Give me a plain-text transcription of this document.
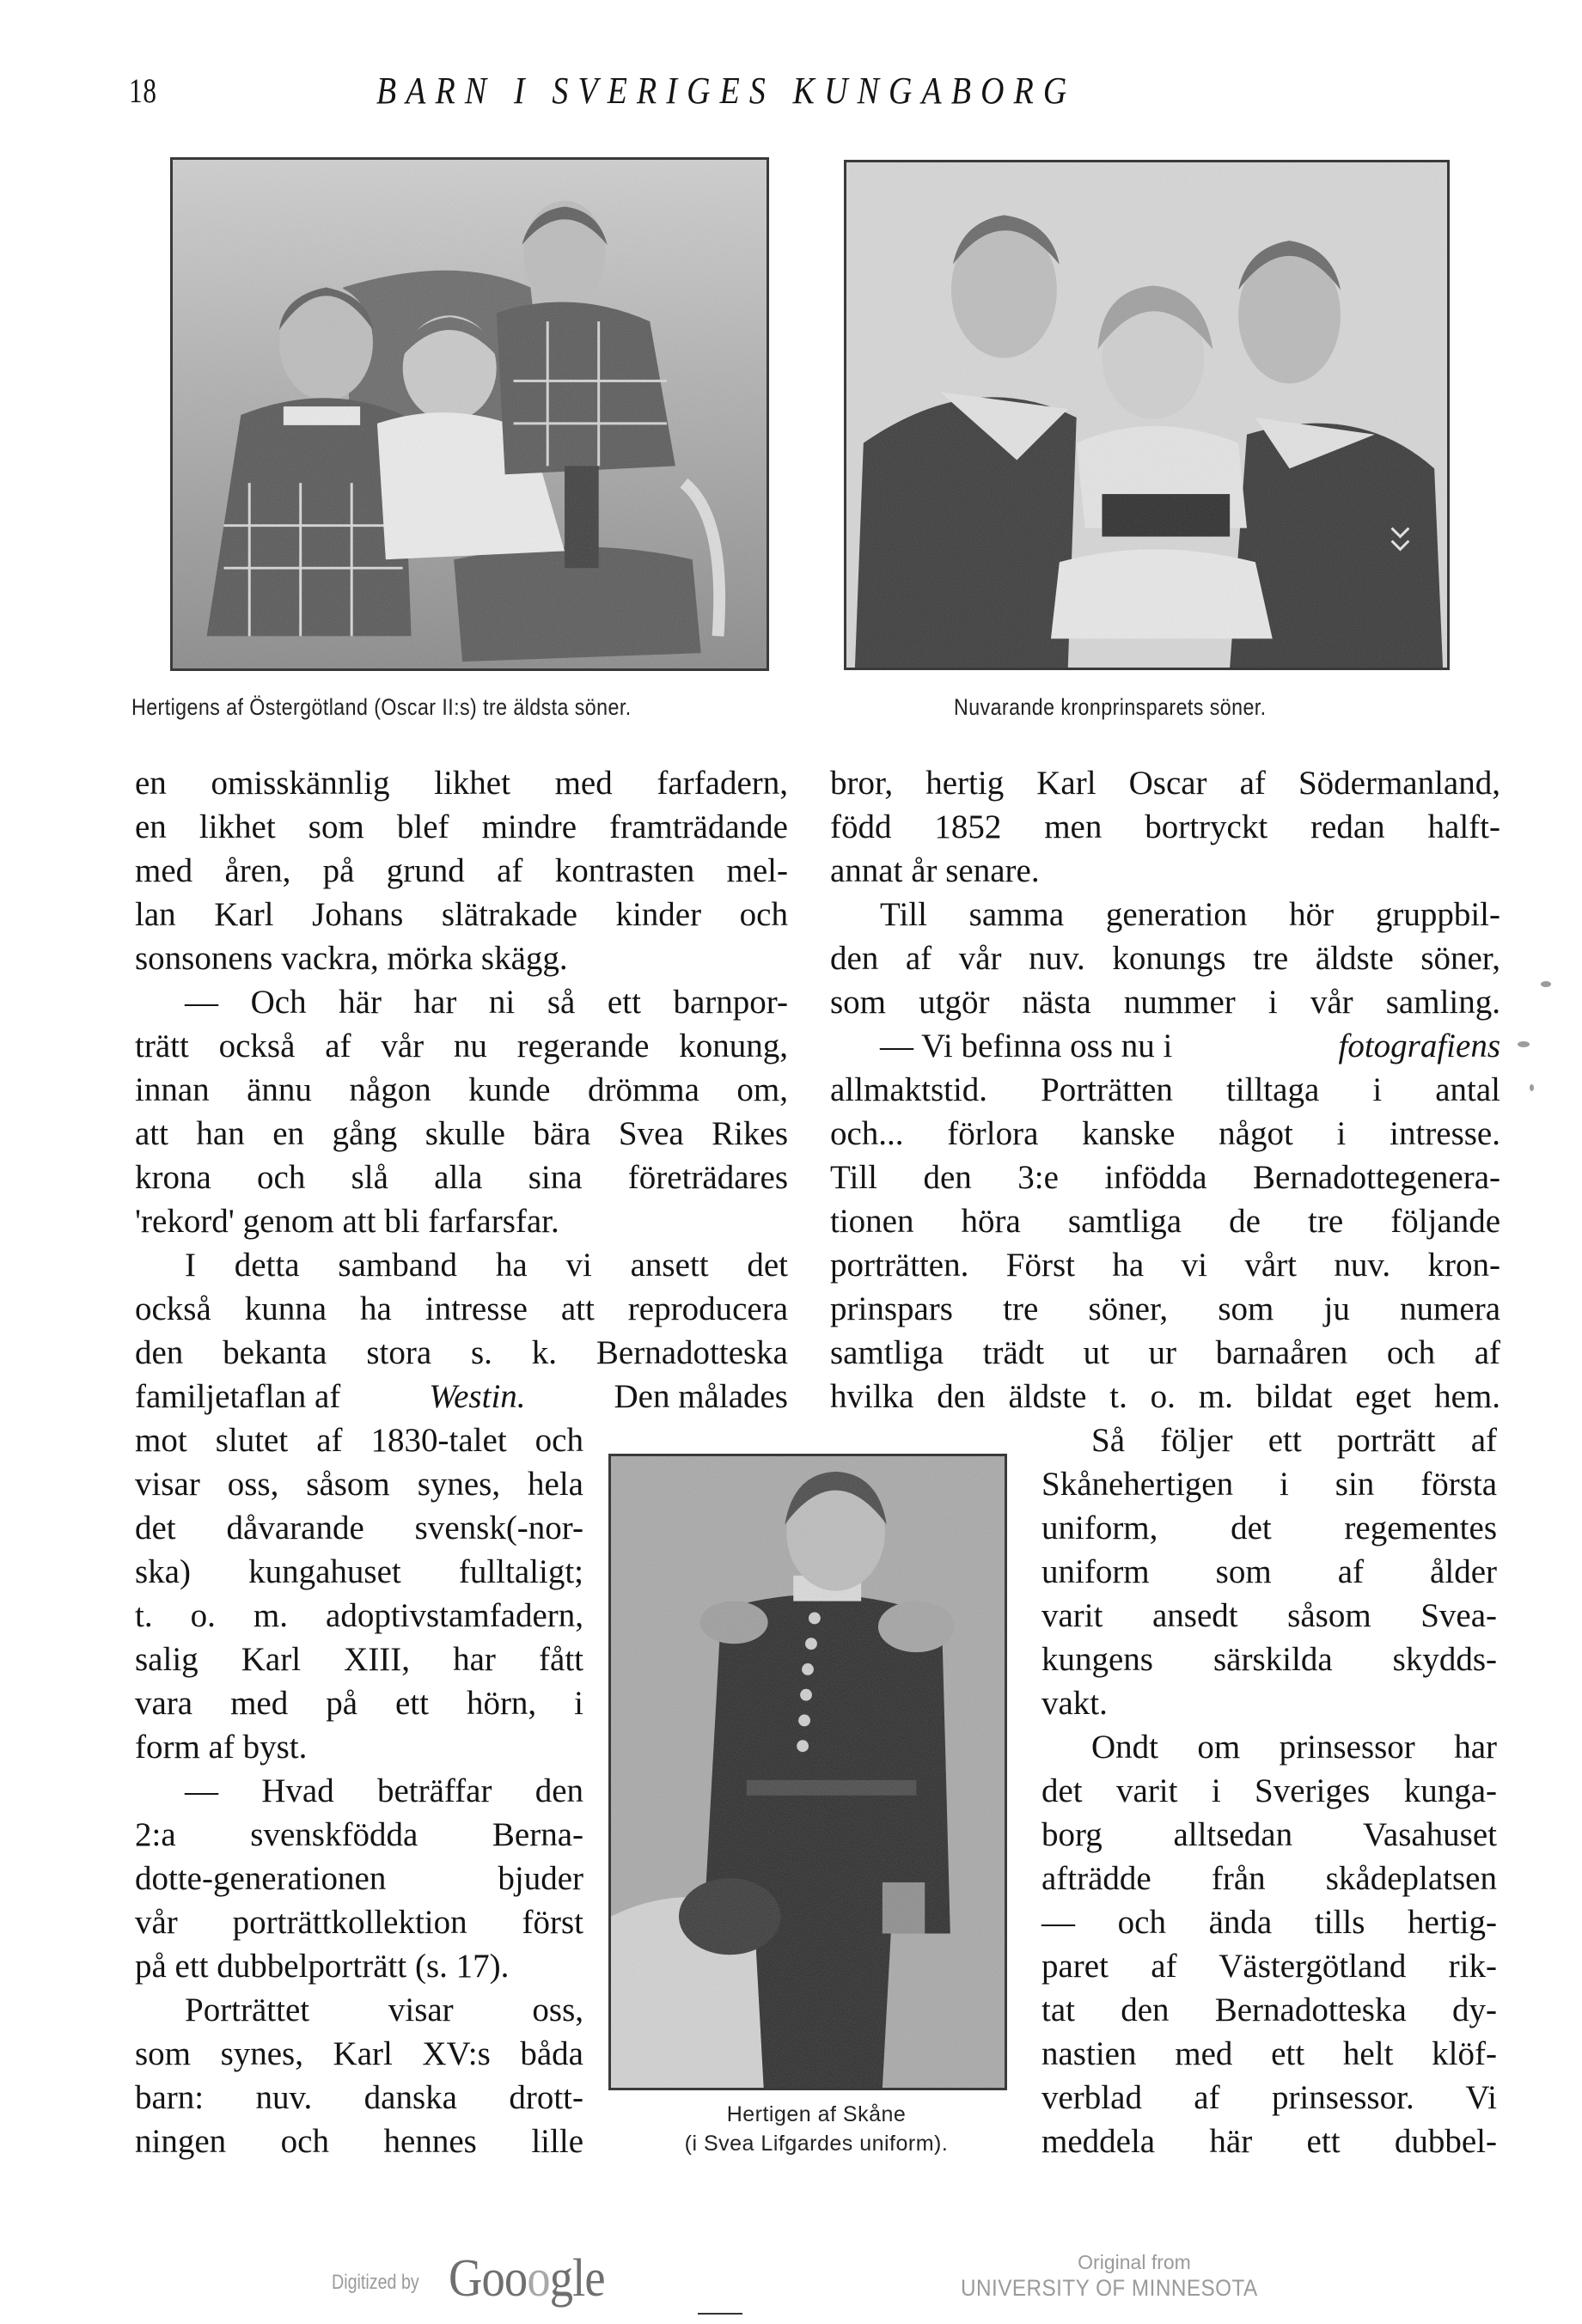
18	BARN I SVERIGES KUNGABORG
Hertigens af Östergötland (Oscar II:s) tre äldsta söner.	Nuvarande kronprinsparets söner.
Hertigen af Skåne
(i Svea Lifgardes uniform).
en omisskännlig likhet med farfadern,
en likhet som blef mindre framträdande
med åren, på grund af kontrasten mel-
lan Karl Johans slätrakade kinder och
sonsonens vackra, mörka skägg.
— Och här har ni så ett barnpor-
trätt också af vår nu regerande konung,
innan ännu någon kunde drömma om,
att han en gång skulle bära Svea Rikes
krona och slå alla sina företrädares
'rekord' genom att bli farfarsfar.
I detta samband ha vi ansett det
också kunna ha intresse att reproducera
den bekanta stora s. k. Bernadotteska
familjetaflan af	Westin.	Den målades
mot slutet af 1830-talet och
visar oss, såsom synes, hela
det dåvarande svensk(-nor-
ska) kungahuset fulltaligt;
t. o. m. adoptivstamfadern,
salig Karl XIII, har fått
vara med på ett hörn, i
form af byst.
— Hvad beträffar den
2:a svenskfödda Berna-
dotte-generationen bjuder
vår porträttkollektion först
på ett dubbelporträtt (s. 17).
Porträttet visar oss,
som synes, Karl XV:s båda
barn: nuv. danska drott-
ningen och hennes lille
bror, hertig Karl Oscar af Södermanland,
född 1852 men bortryckt redan halft-
annat år senare.
Till samma generation hör gruppbil-
den af vår nuv. konungs tre äldste söner,
som utgör nästa nummer i vår samling.
— Vi befinna oss nu i	fotografiens
allmaktstid. Porträtten tilltaga i antal
och... förlora kanske något i intresse.
Till den 3:e infödda Bernadottegenera-
tionen höra samtliga de tre följande
porträtten. Först ha vi vårt nuv. kron-
prinspars tre söner, som ju numera
samtliga trädt ut ur barnaåren och af
hvilka den äldste t. o. m. bildat eget hem.
Så följer ett porträtt af
Skånehertigen i sin första
uniform, det regementes
uniform som af ålder
varit ansedt såsom Svea-
kungens särskilda skydds-
vakt.
Ondt om prinsessor har
det varit i Sveriges kunga-
borg alltsedan Vasahuset
afträdde från skådeplatsen
— och ända tills hertig-
paret af Västergötland rik-
tat den Bernadotteska dy-
nastien med ett helt klöf-
verblad af prinsessor. Vi
meddela här ett dubbel-
Digitized by Gooogle	Original from
UNIVERSITY OF MINNESOTA
